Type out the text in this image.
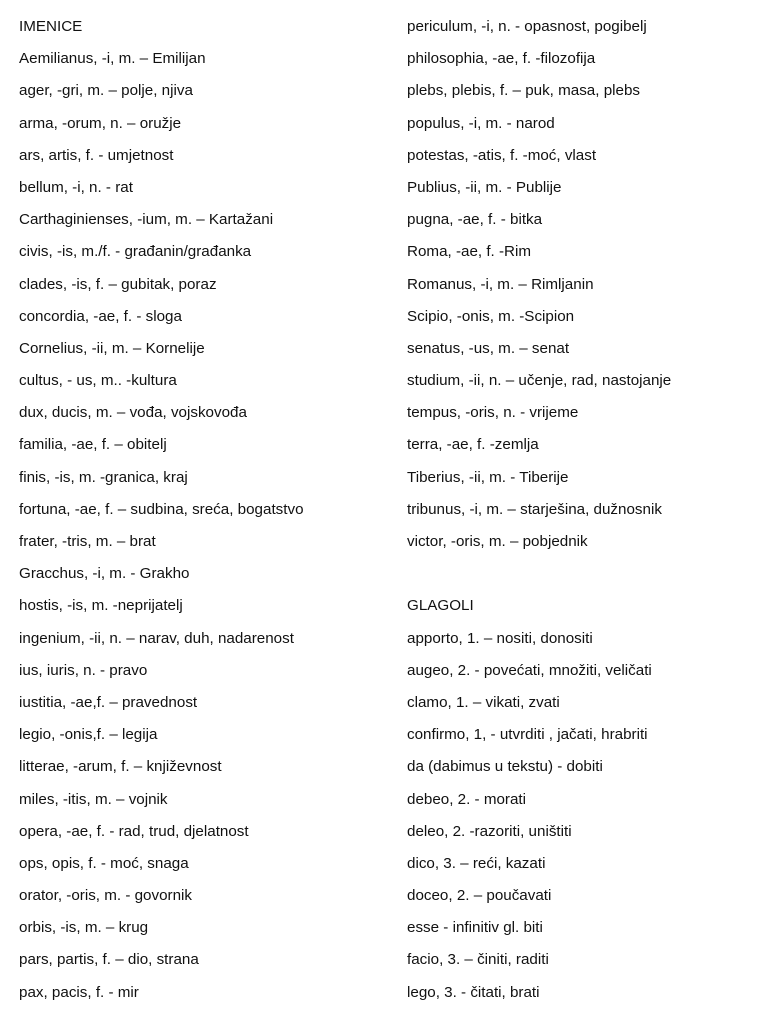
IMENICE
Aemilianus, -i, m. – Emilijan
ager, -gri, m. – polje, njiva
arma, -orum, n. – oružje
ars, artis, f. - umjetnost
bellum, -i, n. - rat
Carthaginienses, -ium, m. – Kartažani
civis, -is, m./f. - građanin/građanka
clades, -is, f. – gubitak, poraz
concordia, -ae, f. - sloga
Cornelius, -ii, m. – Kornelije
cultus, - us, m.. -kultura
dux, ducis, m. – vođa, vojskovođa
familia, -ae, f. – obitelj
finis, -is, m. -granica, kraj
fortuna, -ae, f. – sudbina, sreća, bogatstvo
frater, -tris, m. – brat
Gracchus, -i, m. - Grakho
hostis, -is, m. -neprijatelj
ingenium, -ii, n. – narav, duh, nadarenost
ius, iuris, n. - pravo
iustitia, -ae,f. – pravednost
legio, -onis,f. – legija
litterae, -arum, f. – književnost
miles, -itis, m. – vojnik
opera, -ae, f. - rad, trud, djelatnost
ops, opis, f. - moć, snaga
orator, -oris, m. - govornik
orbis, -is, m. – krug
pars, partis, f. – dio, strana
pax, pacis, f. - mir
periculum, -i, n. - opasnost, pogibelj
philosophia, -ae, f. -filozofija
plebs, plebis, f. – puk, masa, plebs
populus, -i, m. - narod
potestas, -atis, f. -moć, vlast
Publius, -ii, m. - Publije
pugna, -ae, f. - bitka
Roma, -ae, f. -Rim
Romanus, -i, m. – Rimljanin
Scipio, -onis, m. -Scipion
senatus, -us, m. – senat
studium, -ii, n. – učenje, rad, nastojanje
tempus, -oris, n. - vrijeme
terra, -ae, f. -zemlja
Tiberius, -ii, m. - Tiberije
tribunus, -i, m. – starješina, dužnosnik
victor, -oris, m. – pobjednik
GLAGOLI
apporto, 1. – nositi, donositi
augeo, 2. - povećati, množiti, veličati
clamo, 1. – vikati, zvati
confirmo, 1, - utvrditi , jačati, hrabriti
da (dabimus u tekstu) - dobiti
debeo, 2. - morati
deleo, 2. -razoriti, uništiti
dico, 3. – reći, kazati
doceo, 2. – poučavati
esse - infinitiv gl. biti
facio, 3. – činiti, raditi
lego, 3. - čitati, brati
